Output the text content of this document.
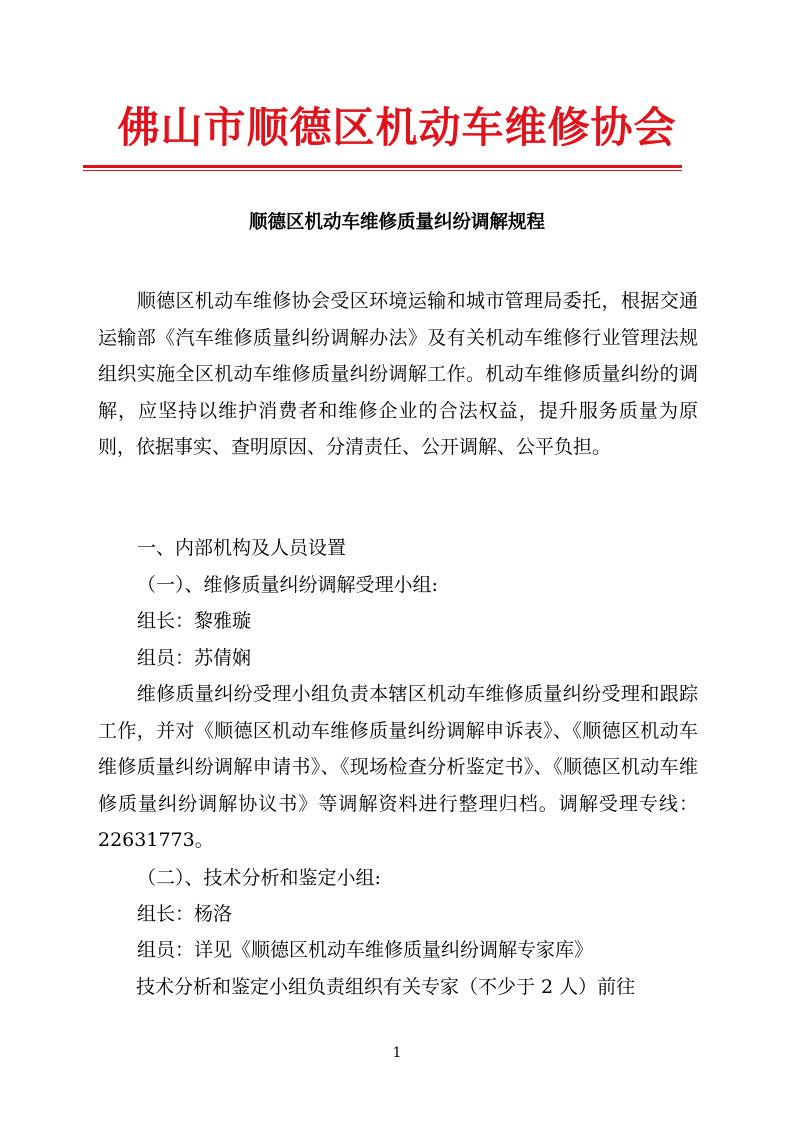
佛山市顺德区机动车维修协会
顺德区机动车维修质量纠纷调解规程

　　顺德区机动车维修协会受区环境运输和城市管理局委托，根据交通运输部《汽车维修质量纠纷调解办法》及有关机动车维修行业管理法规组织实施全区机动车维修质量纠纷调解工作。机动车维修质量纠纷的调解，应坚持以维护消费者和维修企业的合法权益，提升服务质量为原则，依据事实、查明原因、分清责任、公开调解、公平负担。

一、内部机构及人员设置

（一）、维修质量纠纷调解受理小组:

组长：黎雅璇

组员：苏倩娴

　　维修质量纠纷受理小组负责本辖区机动车维修质量纠纷受理和跟踪工作，并对《顺德区机动车维修质量纠纷调解申诉表》、《顺德区机动车维修质量纠纷调解申请书》、《现场检查分析鉴定书》、《顺德区机动车维修质量纠纷调解协议书》等调解资料进行整理归档。调解受理专线：22631773。

（二）、技术分析和鉴定小组:

组长：杨洛

组员：详见《顺德区机动车维修质量纠纷调解专家库》

　　技术分析和鉴定小组负责组织有关专家（不少于 2 人）前往

1
